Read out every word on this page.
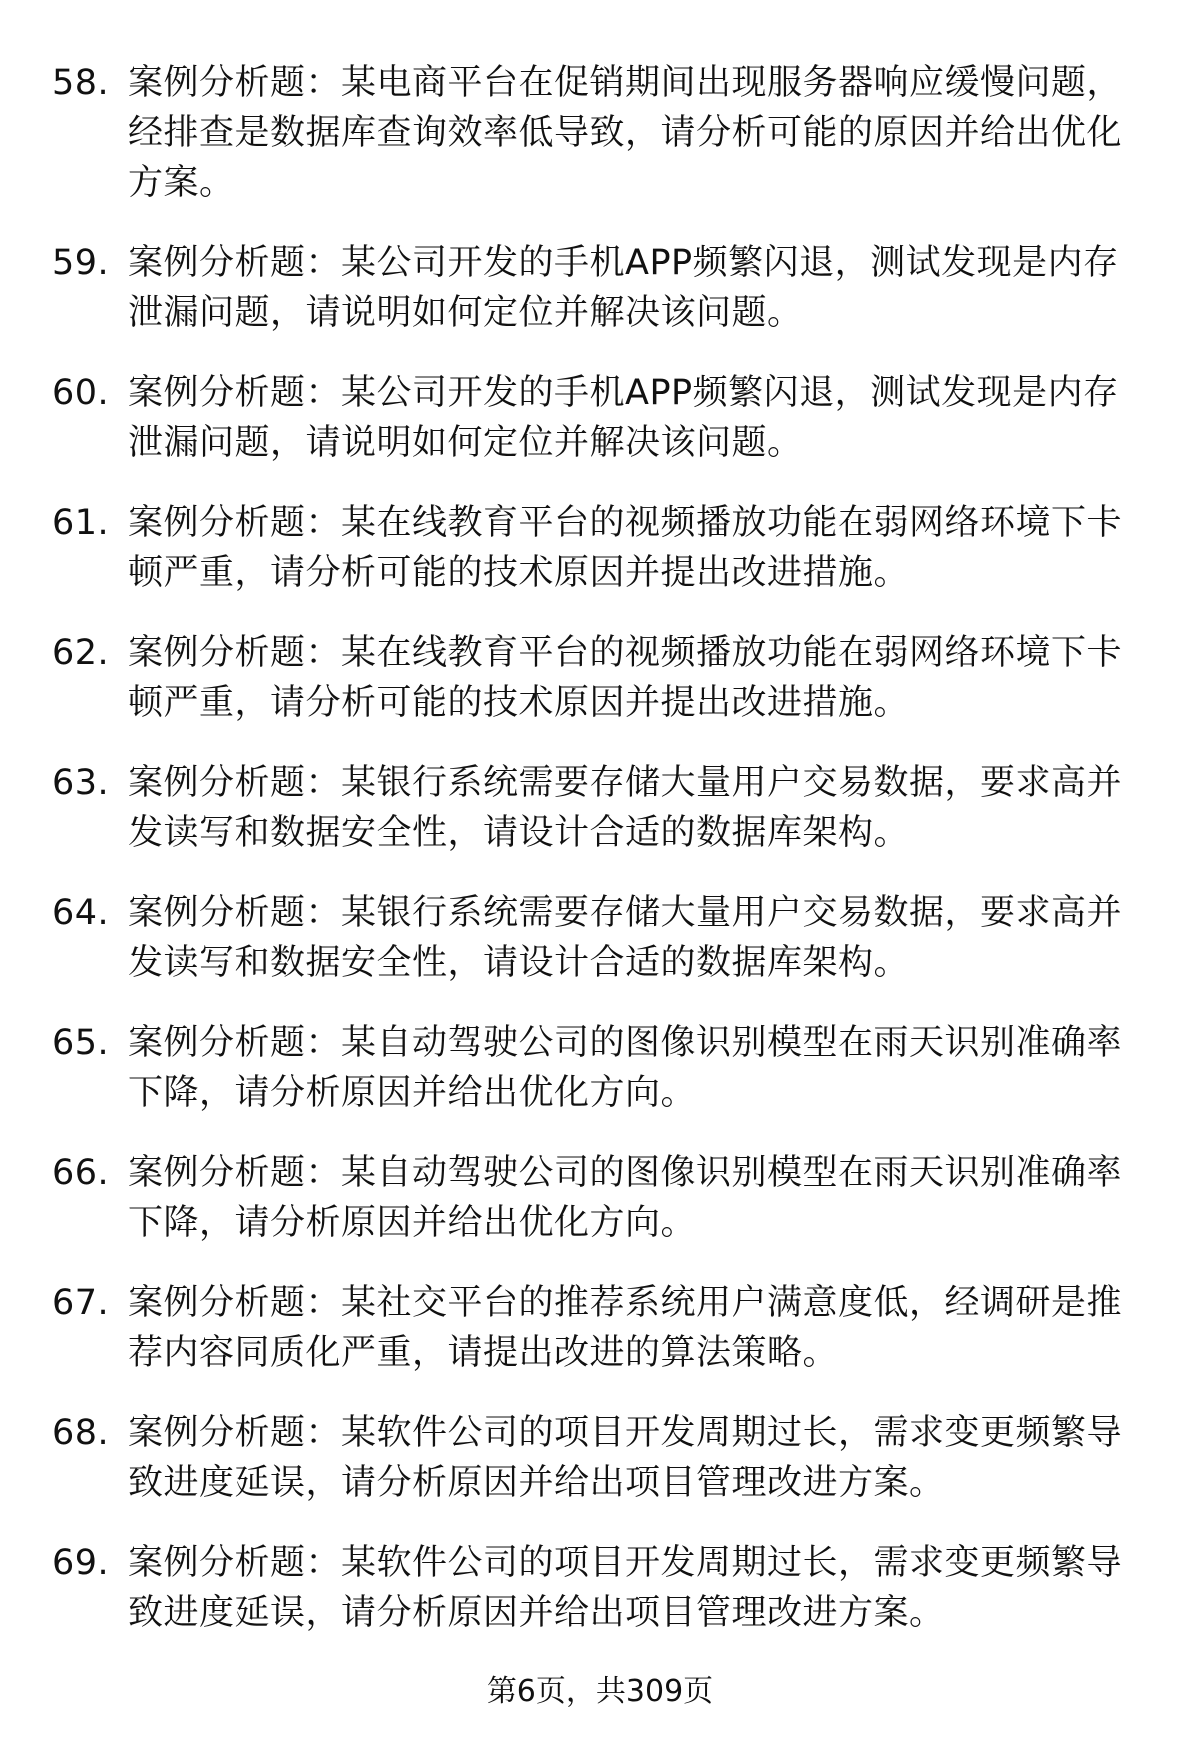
58. 案例分析题：某电商平台在促销期间出现服务器响应缓慢问题，经排查是数据库查询效率低导致，请分析可能的原因并给出优化方案。
59. 案例分析题：某公司开发的手机APP频繁闪退，测试发现是内存泄漏问题，请说明如何定位并解决该问题。
60. 案例分析题：某公司开发的手机APP频繁闪退，测试发现是内存泄漏问题，请说明如何定位并解决该问题。
61. 案例分析题：某在线教育平台的视频播放功能在弱网络环境下卡顿严重，请分析可能的技术原因并提出改进措施。
62. 案例分析题：某在线教育平台的视频播放功能在弱网络环境下卡顿严重，请分析可能的技术原因并提出改进措施。
63. 案例分析题：某银行系统需要存储大量用户交易数据，要求高并发读写和数据安全性，请设计合适的数据库架构。
64. 案例分析题：某银行系统需要存储大量用户交易数据，要求高并发读写和数据安全性，请设计合适的数据库架构。
65. 案例分析题：某自动驾驶公司的图像识别模型在雨天识别准确率下降，请分析原因并给出优化方向。
66. 案例分析题：某自动驾驶公司的图像识别模型在雨天识别准确率下降，请分析原因并给出优化方向。
67. 案例分析题：某社交平台的推荐系统用户满意度低，经调研是推荐内容同质化严重，请提出改进的算法策略。
68. 案例分析题：某软件公司的项目开发周期过长，需求变更频繁导致进度延误，请分析原因并给出项目管理改进方案。
69. 案例分析题：某软件公司的项目开发周期过长，需求变更频繁导致进度延误，请分析原因并给出项目管理改进方案。
第6页，共309页
